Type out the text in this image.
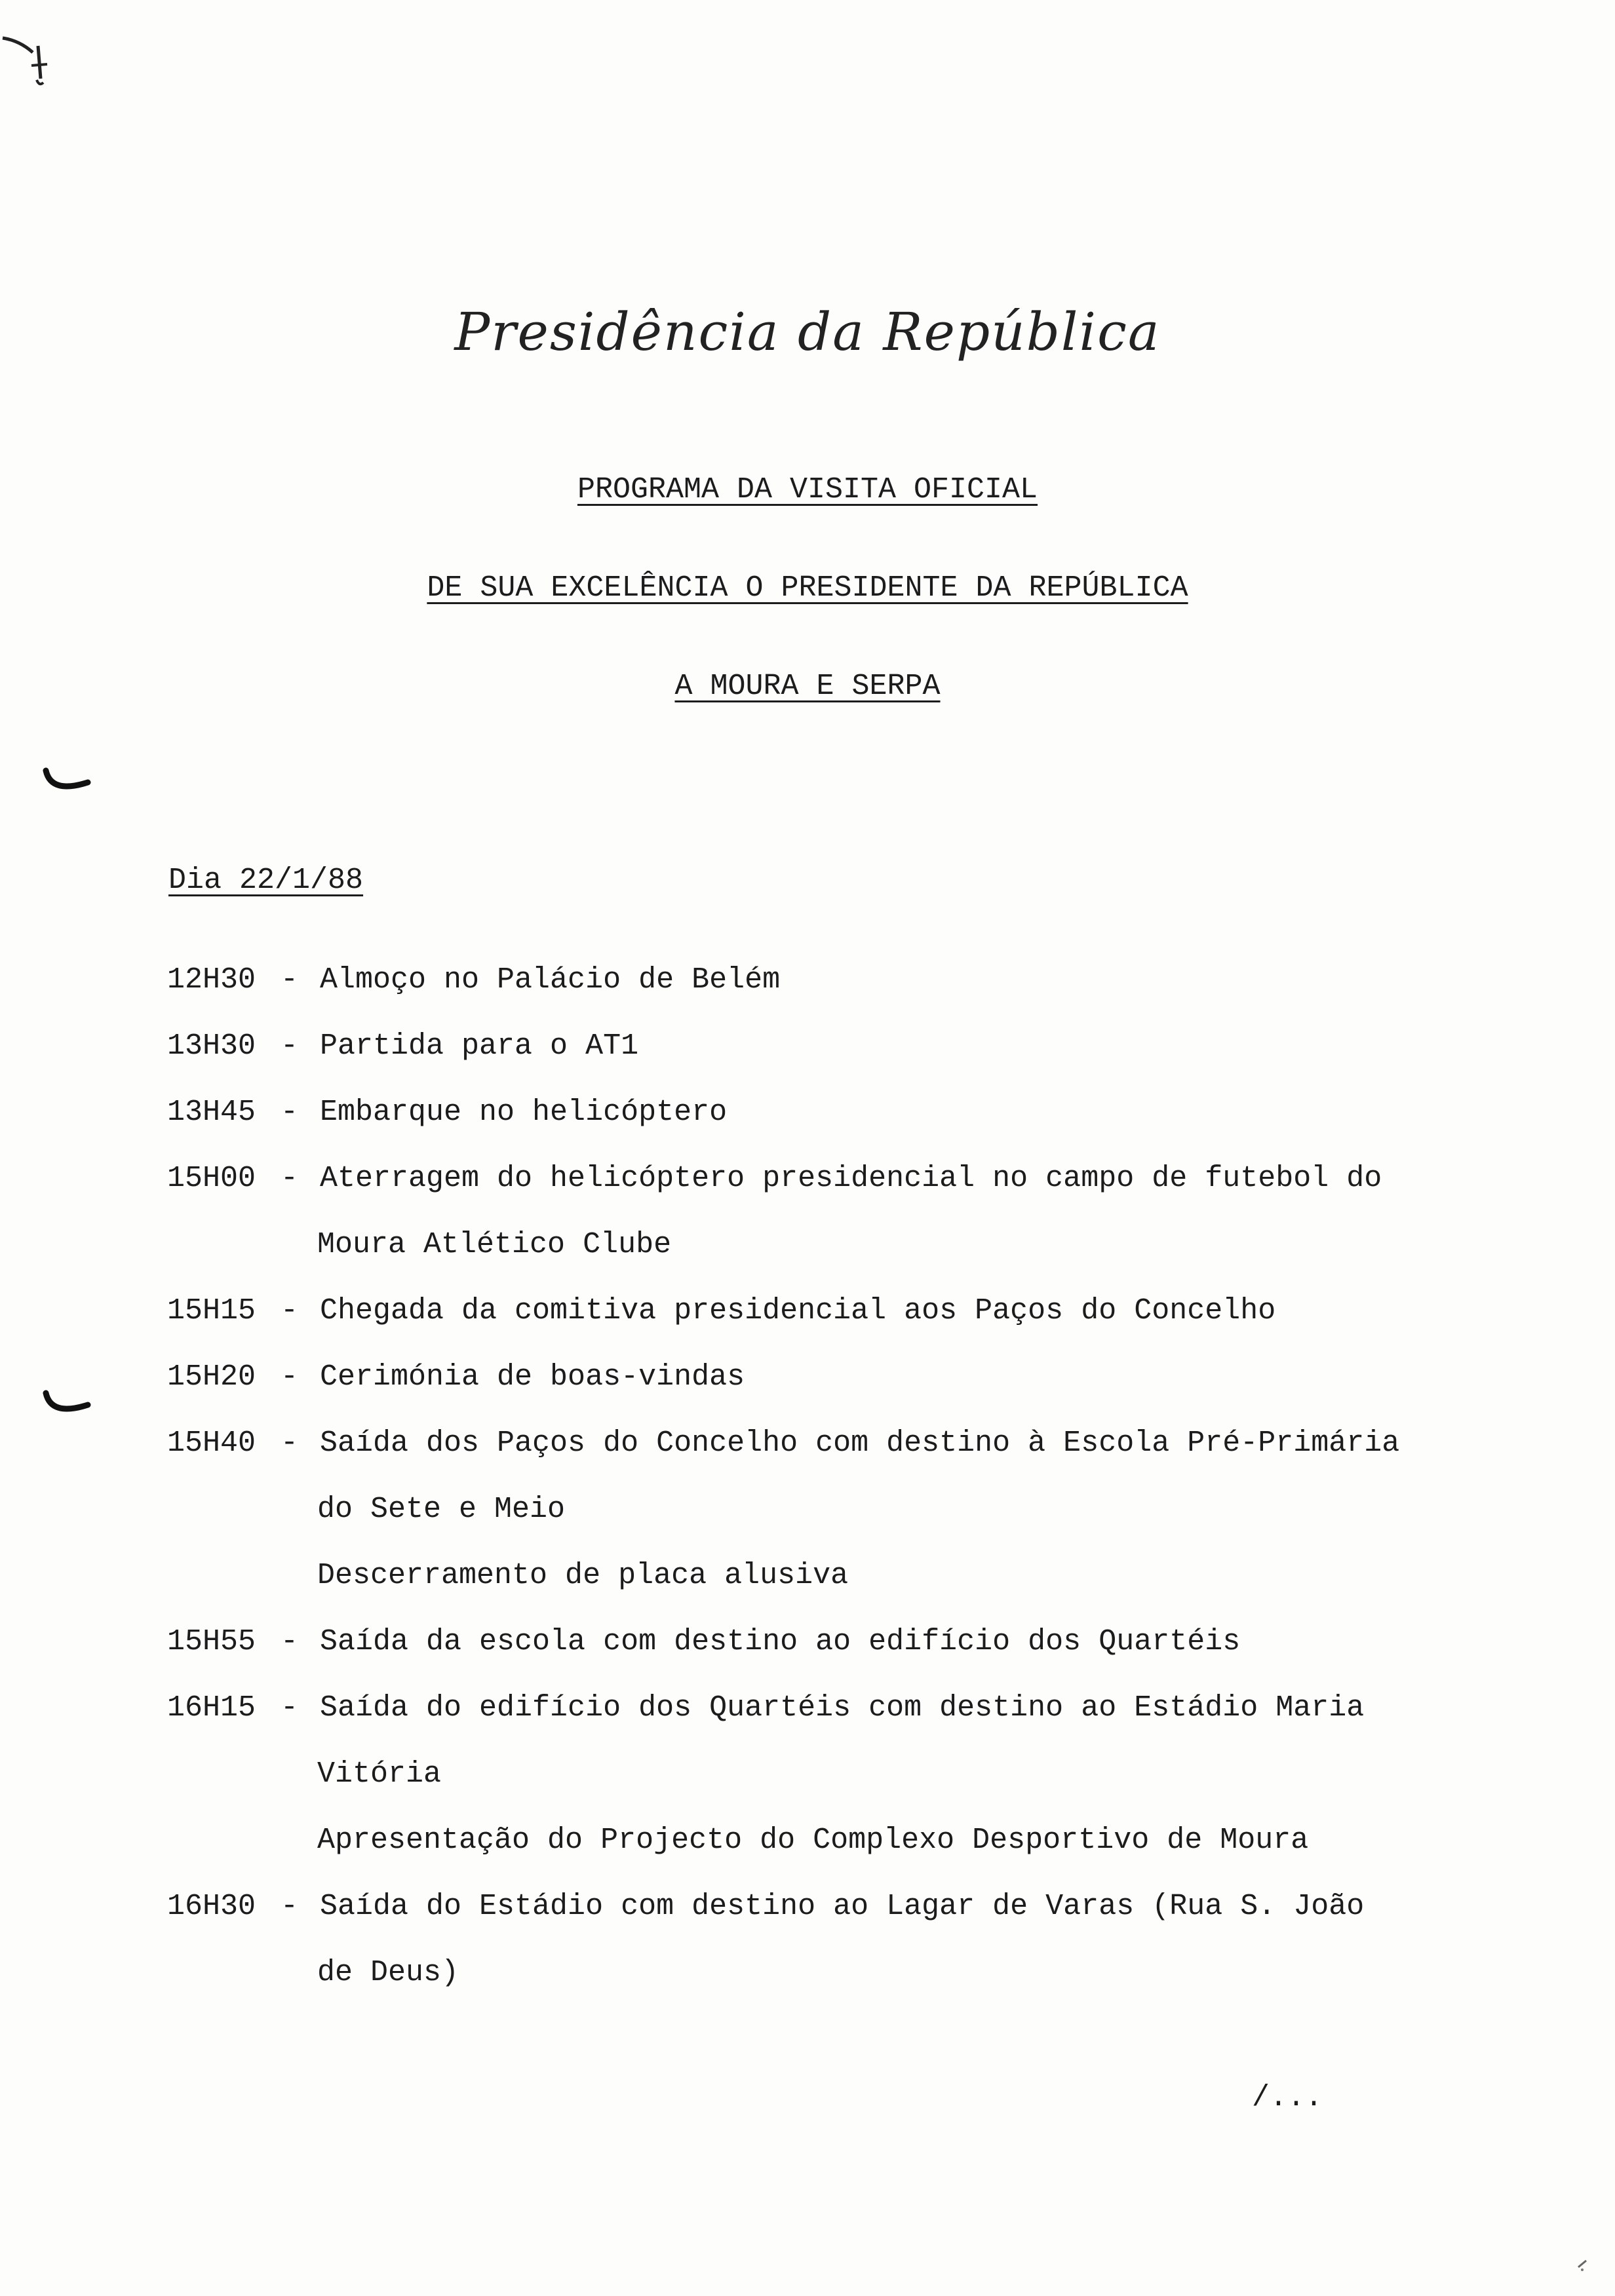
Presidência da República
PROGRAMA DA VISITA OFICIAL
DE SUA EXCELÊNCIA O PRESIDENTE DA REPÚBLICA
A MOURA E SERPA
Dia 22/1/88
12H30 - Almoço no Palácio de Belém
13H30 - Partida para o AT1
13H45 - Embarque no helicóptero
15H00 - Aterragem do helicóptero presidencial no campo de futebol do
Moura Atlético Clube
15H15 - Chegada da comitiva presidencial aos Paços do Concelho
15H20 - Cerimónia de boas-vindas
15H40 - Saída dos Paços do Concelho com destino à Escola Pré-Primária
do Sete e Meio
Descerramento de placa alusiva
15H55 - Saída da escola com destino ao edifício dos Quartéis
16H15 - Saída do edifício dos Quartéis com destino ao Estádio Maria
Vitória
Apresentação do Projecto do Complexo Desportivo de Moura
16H30 - Saída do Estádio com destino ao Lagar de Varas (Rua S. João
de Deus)
/...
